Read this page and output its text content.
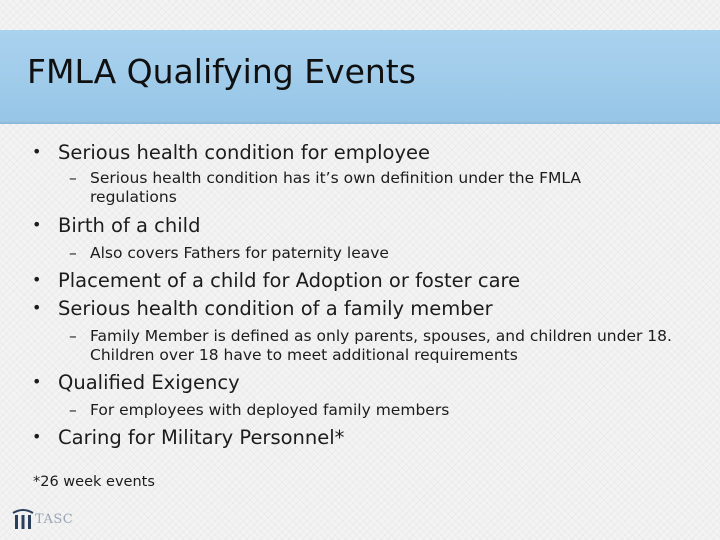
FMLA Qualifying Events
• Serious health condition for employee
– Serious health condition has it’s own definition under the FMLA regulations
• Birth of a child
– Also covers Fathers for paternity leave
• Placement of a child for Adoption or foster care
• Serious health condition of a family member
– Family Member is defined as only parents, spouses, and children under 18. Children over 18 have to meet additional requirements
• Qualified Exigency
– For employees with deployed family members
• Caring for Military Personnel*
*26 week events
TASC
